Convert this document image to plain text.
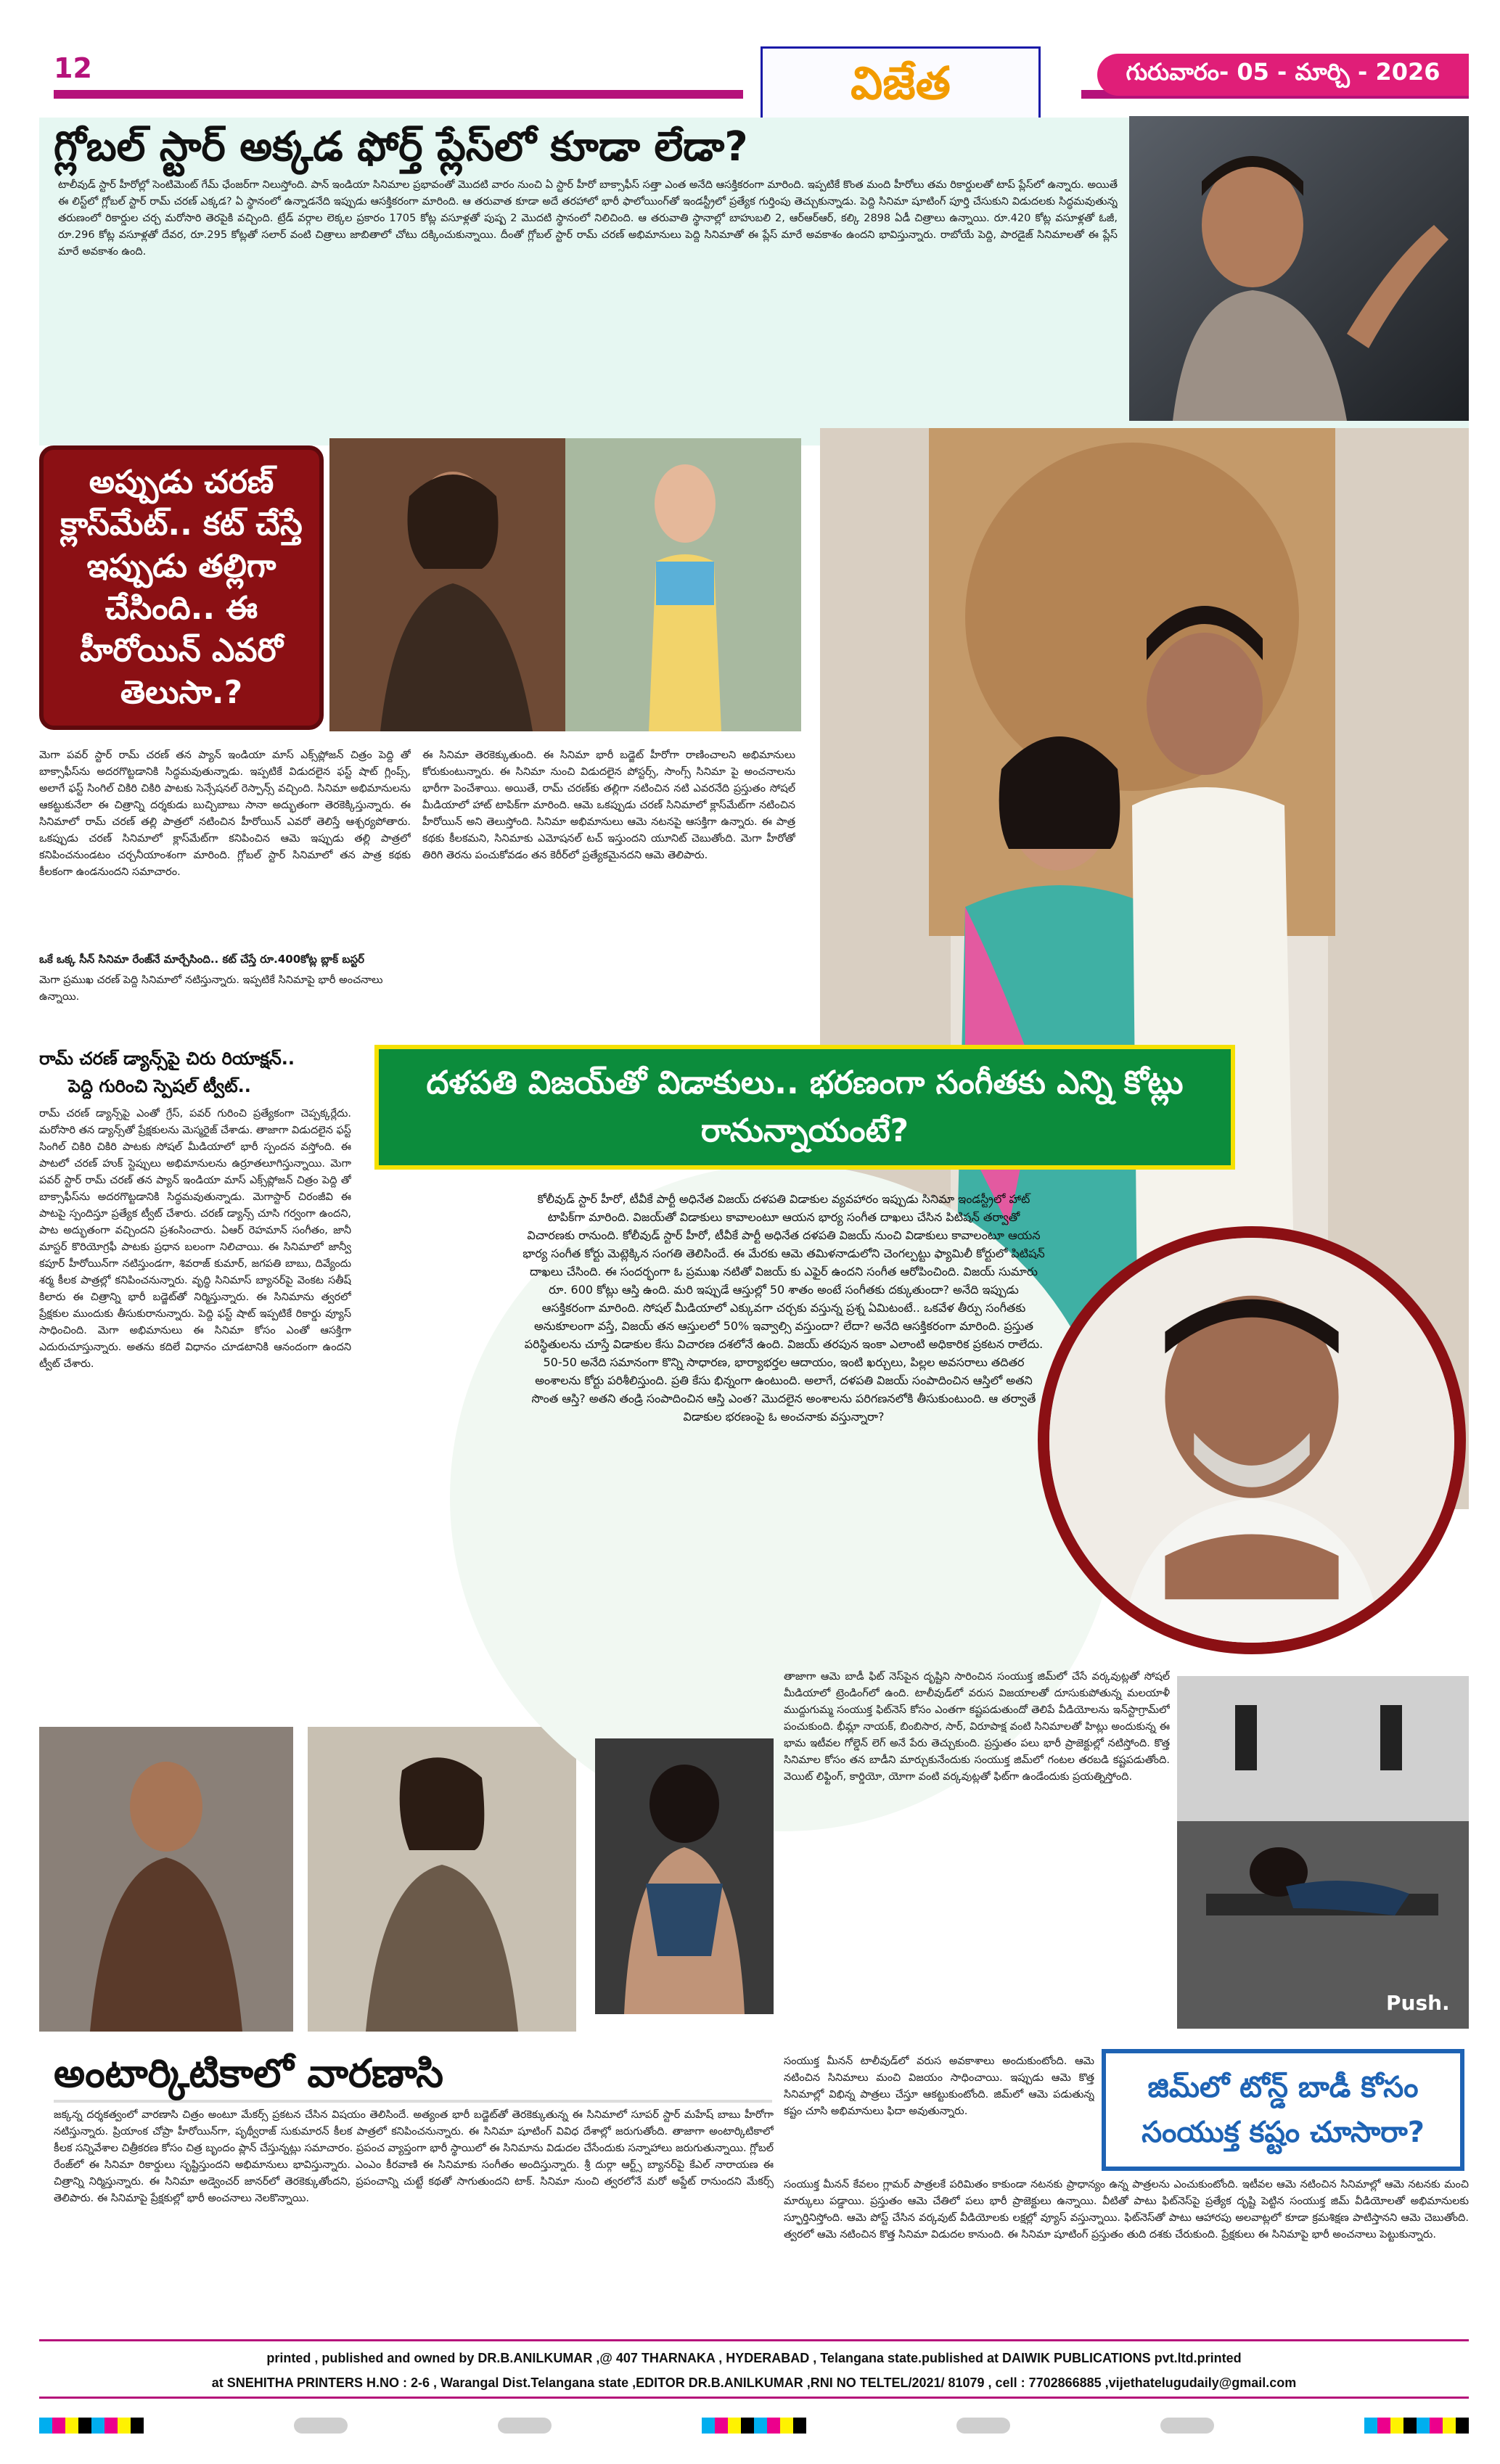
12	విజేత	గురువారం- 05 - మార్చి - 2026
గ్లోబల్ స్టార్ అక్కడ ఫోర్త్ ప్లేస్‌లో కూడా లేడా?
టాలీవుడ్ స్టార్ హీరోల్లో సెంటిమెంట్ గేమ్ ఛేంజర్‌గా నిలుస్తోంది. పాన్ ఇండియా సినిమాల ప్రభావంతో మొదటి వారం నుంచి ఏ స్టార్ హీరో బాక్సాఫీస్ సత్తా ఎంత అనేది ఆసక్తికరంగా మారింది. ఇప్పటికే కొంత మంది హీరోలు తమ రికార్డులతో టాప్ ప్లేస్‌లో ఉన్నారు. అయితే ఈ లిస్ట్‌లో గ్లోబల్ స్టార్ రామ్ చరణ్ ఎక్కడ? ఏ స్థానంలో ఉన్నాడనేది ఇప్పుడు ఆసక్తికరంగా మారింది. ఆ తరువాత కూడా అదే తరహాలో భారీ ఫాలోయింగ్‌తో ఇండస్ట్రీలో ప్రత్యేక గుర్తింపు తెచ్చుకున్నాడు. పెద్ది సినిమా షూటింగ్ పూర్తి చేసుకుని విడుదలకు సిద్ధమవుతున్న తరుణంలో రికార్డుల చర్చ మరోసారి తెరపైకి వచ్చింది. ట్రేడ్ వర్గాల లెక్కల ప్రకారం 1705 కోట్ల వసూళ్లతో పుష్ప 2 మొదటి స్థానంలో నిలిచింది. ఆ తరువాతి స్థానాల్లో బాహుబలి 2, ఆర్ఆర్ఆర్, కల్కి 2898 ఏడీ చిత్రాలు ఉన్నాయి. రూ.420 కోట్ల వసూళ్లతో ఓజీ, రూ.296 కోట్ల వసూళ్లతో దేవర, రూ.295 కోట్లతో సలార్ వంటి చిత్రాలు జాబితాలో చోటు దక్కించుకున్నాయి. దీంతో గ్లోబల్ స్టార్ రామ్ చరణ్ అభిమానులు పెద్ది సినిమాతో ఈ ప్లేస్ మారే అవకాశం ఉందని భావిస్తున్నారు. రాబోయే పెద్ది, పారడైజ్ సినిమాలతో ఈ ప్లేస్ మారే అవకాశం ఉంది.
అప్పుడు చరణ్ క్లాస్‌మేట్.. కట్ చేస్తే ఇప్పుడు తల్లిగా చేసింది.. ఈ హీరోయిన్ ఎవరో తెలుసా.?
మెగా పవర్ స్టార్ రామ్ చరణ్ తన ప్యాన్ ఇండియా మాస్ ఎక్స్‌ప్లోజన్ చిత్రం పెద్ది తో బాక్సాఫీస్‌ను అదరగొట్టడానికి సిద్ధమవుతున్నాడు. ఇప్పటికే విడుదలైన ఫస్ట్ షాట్ గ్లింప్స్, అలాగే ఫస్ట్ సింగిల్ చికిరి చికిరి పాటకు సెన్సేషనల్ రెస్పాన్స్ వచ్చింది. సినిమా అభిమానులను ఆకట్టుకునేలా ఈ చిత్రాన్ని దర్శకుడు బుచ్చిబాబు సానా అద్భుతంగా తెరకెక్కిస్తున్నారు. ఈ సినిమాలో రామ్ చరణ్ తల్లి పాత్రలో నటించిన హీరోయిన్ ఎవరో తెలిస్తే ఆశ్చర్యపోతారు. ఒకప్పుడు చరణ్ సినిమాలో క్లాస్‌మేట్‌గా కనిపించిన ఆమె ఇప్పుడు తల్లి పాత్రలో కనిపించనుండటం చర్చనీయాంశంగా మారింది. గ్లోబల్ స్టార్ సినిమాలో తన పాత్ర కథకు కీలకంగా ఉండనుందని సమాచారం.
ఈ సినిమా తెరకెక్కుతుంది. ఈ సినిమా భారీ బడ్జెట్ హీరోగా రాణించాలని అభిమానులు కోరుకుంటున్నారు. ఈ సినిమా నుంచి విడుదలైన పోస్టర్స్, సాంగ్స్ సినిమా పై అంచనాలను భారీగా పెంచేశాయి. అయితే, రామ్ చరణ్‌కు తల్లిగా నటించిన నటి ఎవరనేది ప్రస్తుతం సోషల్ మీడియాలో హాట్ టాపిక్‌గా మారింది. ఆమె ఒకప్పుడు చరణ్ సినిమాలో క్లాస్‌మేట్‌గా నటించిన హీరోయిన్ అని తెలుస్తోంది. సినిమా అభిమానులు ఆమె నటనపై ఆసక్తిగా ఉన్నారు. ఈ పాత్ర కథకు కీలకమని, సినిమాకు ఎమోషనల్ టచ్ ఇస్తుందని యూనిట్ చెబుతోంది. మెగా హీరోతో తిరిగి తెరను పంచుకోవడం తన కెరీర్‌లో ప్రత్యేకమైనదని ఆమె తెలిపారు.
ఒకే ఒక్క సీన్ సినిమా రేంజ్‌నే మార్చేసింది.. కట్ చేస్తే రూ.400కోట్ల బ్లాక్ బస్టర్
మెగా ప్రముఖ చరణ్ పెద్ది సినిమాలో నటిస్తున్నారు. ఇప్పటికే సినిమాపై భారీ అంచనాలు ఉన్నాయి.
రామ్ చరణ్ డ్యాన్స్‌పై చిరు రియాక్షన్..
పెద్ది గురించి స్పెషల్ ట్వీట్..
రామ్ చరణ్ డ్యాన్స్‌పై ఎంతో గ్రేస్, పవర్ గురించి ప్రత్యేకంగా చెప్పక్కర్లేదు. మరోసారి తన డ్యాన్స్‌తో ప్రేక్షకులను మెస్మరైజ్ చేశాడు. తాజాగా విడుదలైన ఫస్ట్ సింగిల్ చికిరి చికిరి పాటకు సోషల్ మీడియాలో భారీ స్పందన వస్తోంది. ఈ పాటలో చరణ్ హుక్ స్టెప్పులు అభిమానులను ఉర్రూతలూగిస్తున్నాయి. మెగా పవర్ స్టార్ రామ్ చరణ్ తన ప్యాన్ ఇండియా మాస్ ఎక్స్‌ప్లోజన్ చిత్రం పెద్ది తో బాక్సాఫీస్‌ను అదరగొట్టడానికి సిద్ధమవుతున్నాడు. మెగాస్టార్ చిరంజీవి ఈ పాటపై స్పందిస్తూ ప్రత్యేక ట్వీట్ చేశారు. చరణ్ డ్యాన్స్ చూసి గర్వంగా ఉందని, పాట అద్భుతంగా వచ్చిందని ప్రశంసించారు. ఏఆర్ రెహమాన్ సంగీతం, జానీ మాస్టర్ కొరియోగ్రఫీ పాటకు ప్రధాన బలంగా నిలిచాయి. ఈ సినిమాలో జాన్వీ కపూర్ హీరోయిన్‌గా నటిస్తుండగా, శివరాజ్ కుమార్, జగపతి బాబు, దివ్యేందు శర్మ కీలక పాత్రల్లో కనిపించనున్నారు. వృద్ధి సినిమాస్ బ్యానర్‌పై వెంకట సతీష్ కిలారు ఈ చిత్రాన్ని భారీ బడ్జెట్‌తో నిర్మిస్తున్నారు. ఈ సినిమాను త్వరలో ప్రేక్షకుల ముందుకు తీసుకురానున్నారు. పెద్ది ఫస్ట్ షాట్ ఇప్పటికే రికార్డు వ్యూస్ సాధించింది. మెగా అభిమానులు ఈ సినిమా కోసం ఎంతో ఆసక్తిగా ఎదురుచూస్తున్నారు. అతను కదిలే విధానం చూడటానికి ఆనందంగా ఉందని ట్వీట్ చేశారు.
దళపతి విజయ్‌తో విడాకులు.. భరణంగా సంగీతకు ఎన్ని కోట్లు రానున్నాయంటే?
కోలీవుడ్ స్టార్ హీరో, టీవీకే పార్టీ అధినేత విజయ్ దళపతి విడాకుల వ్యవహారం ఇప్పుడు సినిమా ఇండస్ట్రీలో హాట్ టాపిక్‌గా మారింది. విజయ్‌తో విడాకులు కావాలంటూ ఆయన భార్య సంగీత దాఖలు చేసిన పిటిషన్ తర్వాతో విచారణకు రానుంది. కోలీవుడ్ స్టార్ హీరో, టీవీకే పార్టీ అధినేత దళపతి విజయ్ నుంచి విడాకులు కావాలంటూ ఆయన భార్య సంగీత కోర్టు మెట్లెక్కిన సంగతి తెలిసిందే. ఈ మేరకు ఆమె తమిళనాడులోని చెంగల్పట్టు ఫ్యామిలీ కోర్టులో పిటిషన్ దాఖలు చేసింది. ఈ సందర్భంగా ఓ ప్రముఖ నటితో విజయ్ కు ఎఫైర్ ఉందని సంగీత ఆరోపించింది. విజయ్ సుమారు రూ. 600 కోట్లు ఆస్తి ఉంది. మరి ఇప్పుడే ఆస్తుల్లో 50 శాతం అంటే సంగీతకు దక్కుతుందా? అనేది ఇప్పుడు ఆసక్తికరంగా మారింది. సోషల్ మీడియాలో ఎక్కువగా చర్చకు వస్తున్న ప్రశ్న ఏమిటంటే.. ఒకవేళ తీర్పు సంగీతకు అనుకూలంగా వస్తే, విజయ్ తన ఆస్తులలో 50% ఇవ్వాల్సి వస్తుందా? లేదా? అనేది ఆసక్తికరంగా మారింది. ప్రస్తుత పరిస్థితులను చూస్తే విడాకుల కేసు విచారణ దశలోనే ఉంది. విజయ్ తరపున ఇంకా ఎలాంటి అధికారిక ప్రకటన రాలేదు. 50-50 అనేది సమానంగా కొన్ని సాధారణ, భార్యాభర్తల ఆదాయం, ఇంటి ఖర్చులు, పిల్లల అవసరాలు తదితర అంశాలను కోర్టు పరిశీలిస్తుంది. ప్రతి కేసు భిన్నంగా ఉంటుంది. అలాగే, దళపతి విజయ్ సంపాదించిన ఆస్తిలో అతని సొంత ఆస్తి? అతని తండ్రి సంపాదించిన ఆస్తి ఎంత? మొదలైన అంశాలను పరిగణనలోకి తీసుకుంటుంది. ఆ తర్వాతే విడాకుల భరణంపై ఓ అంచనాకు వస్తున్నారా?
తాజాగా ఆమె బాడీ ఫిట్ నెస్‌పైన దృష్టిని సారించిన సంయుక్త జిమ్‌లో చేసే వర్కవుట్లతో సోషల్ మీడియాలో ట్రెండింగ్‌లో ఉంది. టాలీవుడ్‌లో వరుస విజయాలతో దూసుకుపోతున్న మలయాళీ ముద్దుగుమ్మ సంయుక్త ఫిట్‌నెస్ కోసం ఎంతగా కష్టపడుతుందో తెలిపే వీడియోలను ఇన్‌స్టాగ్రామ్‌లో పంచుకుంది. భీమ్లా నాయక్, బింబిసార, సార్, విరూపాక్ష వంటి సినిమాలతో హిట్లు అందుకున్న ఈ భామ ఇటీవల గోల్డెన్ లెగ్ అనే పేరు తెచ్చుకుంది. ప్రస్తుతం పలు భారీ ప్రాజెక్టుల్లో నటిస్తోంది. కొత్త సినిమాల కోసం తన బాడీని మార్చుకునేందుకు సంయుక్త జిమ్‌లో గంటల తరబడి కష్టపడుతోంది. వెయిట్ లిఫ్టింగ్, కార్డియో, యోగా వంటి వర్కవుట్లతో ఫిట్‌గా ఉండేందుకు ప్రయత్నిస్తోంది.
Push.
జిమ్‌లో టోన్డ్ బాడీ కోసం సంయుక్త కష్టం చూసారా?
సంయుక్త మీనన్ టాలీవుడ్‌లో వరుస అవకాశాలు అందుకుంటోంది. ఆమె నటించిన సినిమాలు మంచి విజయం సాధించాయి. ఇప్పుడు ఆమె కొత్త సినిమాల్లో విభిన్న పాత్రలు చేస్తూ ఆకట్టుకుంటోంది. జిమ్‌లో ఆమె పడుతున్న కష్టం చూసి అభిమానులు ఫిదా అవుతున్నారు.
సంయుక్త మీనన్ కేవలం గ్లామర్ పాత్రలకే పరిమితం కాకుండా నటనకు ప్రాధాన్యం ఉన్న పాత్రలను ఎంచుకుంటోంది. ఇటీవల ఆమె నటించిన సినిమాల్లో ఆమె నటనకు మంచి మార్కులు పడ్డాయి. ప్రస్తుతం ఆమె చేతిలో పలు భారీ ప్రాజెక్టులు ఉన్నాయి. వీటితో పాటు ఫిట్‌నెస్‌పై ప్రత్యేక దృష్టి పెట్టిన సంయుక్త జిమ్ వీడియోలతో అభిమానులకు స్ఫూర్తినిస్తోంది. ఆమె పోస్ట్ చేసిన వర్కవుట్ వీడియోలకు లక్షల్లో వ్యూస్ వస్తున్నాయి. ఫిట్‌నెస్‌తో పాటు ఆహారపు అలవాట్లలో కూడా క్రమశిక్షణ పాటిస్తానని ఆమె చెబుతోంది. త్వరలో ఆమె నటించిన కొత్త సినిమా విడుదల కానుంది. ఈ సినిమా షూటింగ్ ప్రస్తుతం తుది దశకు చేరుకుంది. ప్రేక్షకులు ఈ సినిమాపై భారీ అంచనాలు పెట్టుకున్నారు.
అంటార్కిటికాలో వారణాసి
జక్కన్న దర్శకత్వంలో వారణాసి చిత్రం అంటూ మేకర్స్ ప్రకటన చేసిన విషయం తెలిసిందే. అత్యంత భారీ బడ్జెట్‌తో తెరకెక్కుతున్న ఈ సినిమాలో సూపర్ స్టార్ మహేష్ బాబు హీరోగా నటిస్తున్నారు. ప్రియాంక చోప్రా హీరోయిన్‌గా, పృథ్వీరాజ్ సుకుమారన్ కీలక పాత్రలో కనిపించనున్నారు. ఈ సినిమా షూటింగ్ వివిధ దేశాల్లో జరుగుతోంది. తాజాగా అంటార్కిటికాలో కీలక సన్నివేశాల చిత్రీకరణ కోసం చిత్ర బృందం ప్లాన్ చేస్తున్నట్లు సమాచారం. ప్రపంచ వ్యాప్తంగా భారీ స్థాయిలో ఈ సినిమాను విడుదల చేసేందుకు సన్నాహాలు జరుగుతున్నాయి. గ్లోబల్ రేంజ్‌లో ఈ సినిమా రికార్డులు సృష్టిస్తుందని అభిమానులు భావిస్తున్నారు. ఎంఎం కీరవాణి ఈ సినిమాకు సంగీతం అందిస్తున్నారు. శ్రీ దుర్గా ఆర్ట్స్ బ్యానర్‌పై కేఎల్ నారాయణ ఈ చిత్రాన్ని నిర్మిస్తున్నారు. ఈ సినిమా అడ్వెంచర్ జానర్‌లో తెరకెక్కుతోందని, ప్రపంచాన్ని చుట్టే కథతో సాగుతుందని టాక్. సినిమా నుంచి త్వరలోనే మరో అప్డేట్ రానుందని మేకర్స్ తెలిపారు. ఈ సినిమాపై ప్రేక్షకుల్లో భారీ అంచనాలు నెలకొన్నాయి.
printed , published and owned by DR.B.ANILKUMAR ,@ 407 THARNAKA , HYDERABAD , Telangana state.published at DAIWIK PUBLICATIONS pvt.ltd.printed
at SNEHITHA PRINTERS H.NO : 2-6 , Warangal Dist.Telangana state ,EDITOR DR.B.ANILKUMAR ,RNI NO TELTEL/2021/ 81079 , cell : 7702866885 ,vijethatelugudaily@gmail.com
